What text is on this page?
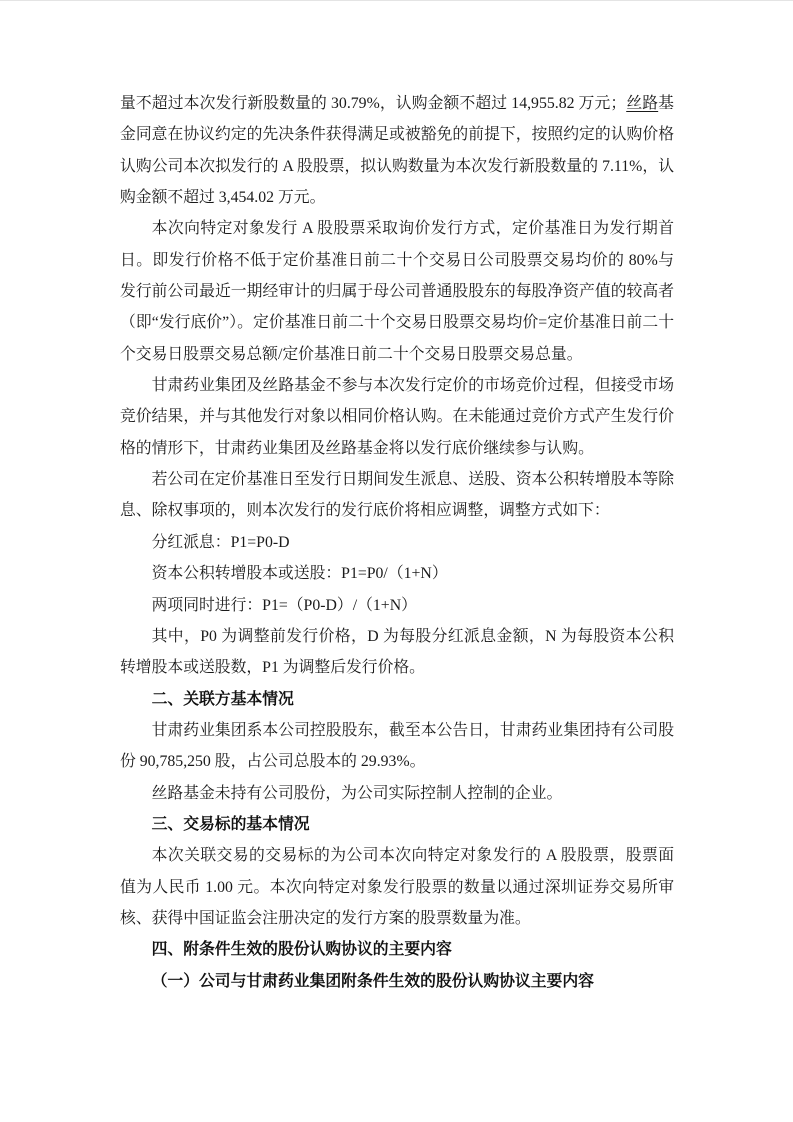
量不超过本次发行新股数量的 30.79%，认购金额不超过 14,955.82 万元；丝路基金同意在协议约定的先决条件获得满足或被豁免的前提下，按照约定的认购价格认购公司本次拟发行的 A 股股票，拟认购数量为本次发行新股数量的 7.11%，认购金额不超过 3,454.02 万元。

本次向特定对象发行 A 股股票采取询价发行方式，定价基准日为发行期首日。即发行价格不低于定价基准日前二十个交易日公司股票交易均价的 80%与发行前公司最近一期经审计的归属于母公司普通股股东的每股净资产值的较高者（即“发行底价”）。定价基准日前二十个交易日股票交易均价=定价基准日前二十个交易日股票交易总额/定价基准日前二十个交易日股票交易总量。

甘肃药业集团及丝路基金不参与本次发行定价的市场竞价过程，但接受市场竞价结果，并与其他发行对象以相同价格认购。在未能通过竞价方式产生发行价格的情形下，甘肃药业集团及丝路基金将以发行底价继续参与认购。

若公司在定价基准日至发行日期间发生派息、送股、资本公积转增股本等除息、除权事项的，则本次发行的发行底价将相应调整，调整方式如下：

分红派息：P1=P0-D

资本公积转增股本或送股：P1=P0/（1+N）

两项同时进行：P1=（P0-D）/（1+N）

其中，P0 为调整前发行价格，D 为每股分红派息金额，N 为每股资本公积转增股本或送股数，P1 为调整后发行价格。

二、关联方基本情况

甘肃药业集团系本公司控股股东，截至本公告日，甘肃药业集团持有公司股份 90,785,250 股，占公司总股本的 29.93%。

丝路基金未持有公司股份，为公司实际控制人控制的企业。

三、交易标的基本情况

本次关联交易的交易标的为公司本次向特定对象发行的 A 股股票，股票面值为人民币 1.00 元。本次向特定对象发行股票的数量以通过深圳证券交易所审核、获得中国证监会注册决定的发行方案的股票数量为准。

四、附条件生效的股份认购协议的主要内容

（一）公司与甘肃药业集团附条件生效的股份认购协议主要内容
